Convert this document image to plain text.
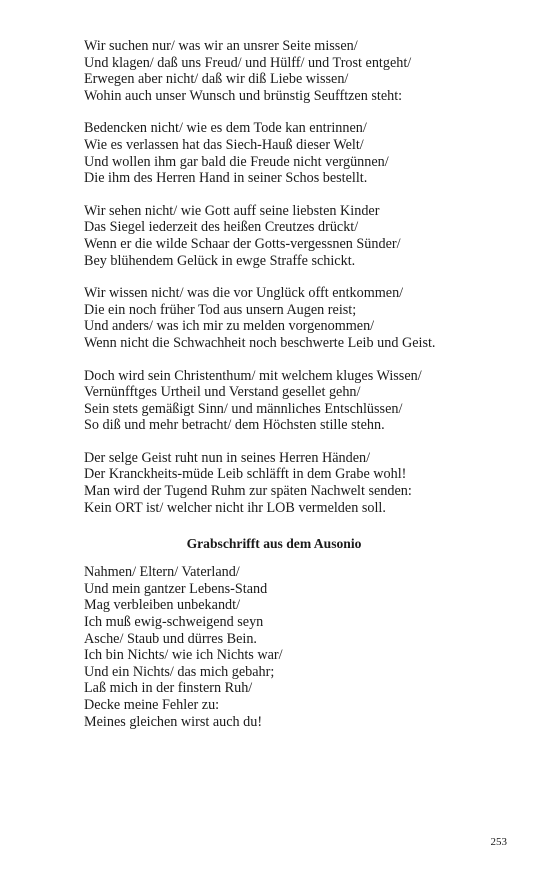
Wir suchen nur/ was wir an unsrer Seite missen/
Und klagen/ daß uns Freud/ und Hülff/ und Trost entgeht/
Erwegen aber nicht/ daß wir diß Liebe wissen/
Wohin auch unser Wunsch und brünstig Seufftzen steht:
Bedencken nicht/ wie es dem Tode kan entrinnen/
Wie es verlassen hat das Siech-Hauß dieser Welt/
Und wollen ihm gar bald die Freude nicht vergünnen/
Die ihm des Herren Hand in seiner Schos bestellt.
Wir sehen nicht/ wie Gott auff seine liebsten Kinder
Das Siegel iederzeit des heißen Creutzes drückt/
Wenn er die wilde Schaar der Gotts-vergessnen Sünder/
Bey blühendem Gelück in ewge Straffe schickt.
Wir wissen nicht/ was die vor Unglück offt entkommen/
Die ein noch früher Tod aus unsern Augen reist;
Und anders/ was ich mir zu melden vorgenommen/
Wenn nicht die Schwachheit noch beschwerte Leib und Geist.
Doch wird sein Christenthum/ mit welchem kluges Wissen/
Vernünfftges Urtheil und Verstand gesellet gehn/
Sein stets gemäßigt Sinn/ und männliches Entschlüssen/
So diß und mehr betracht/ dem Höchsten stille stehn.
Der selge Geist ruht nun in seines Herren Händen/
Der Kranckheits-müde Leib schläfft in dem Grabe wohl!
Man wird der Tugend Ruhm zur späten Nachwelt senden:
Kein ORT ist/ welcher nicht ihr LOB vermelden soll.
Grabschrifft aus dem Ausonio
Nahmen/ Eltern/ Vaterland/
Und mein gantzer Lebens-Stand
Mag verbleiben unbekandt/
Ich muß ewig-schweigend seyn
Asche/ Staub und dürres Bein.
Ich bin Nichts/ wie ich Nichts war/
Und ein Nichts/ das mich gebahr;
Laß mich in der finstern Ruh/
Decke meine Fehler zu:
Meines gleichen wirst auch du!
253
